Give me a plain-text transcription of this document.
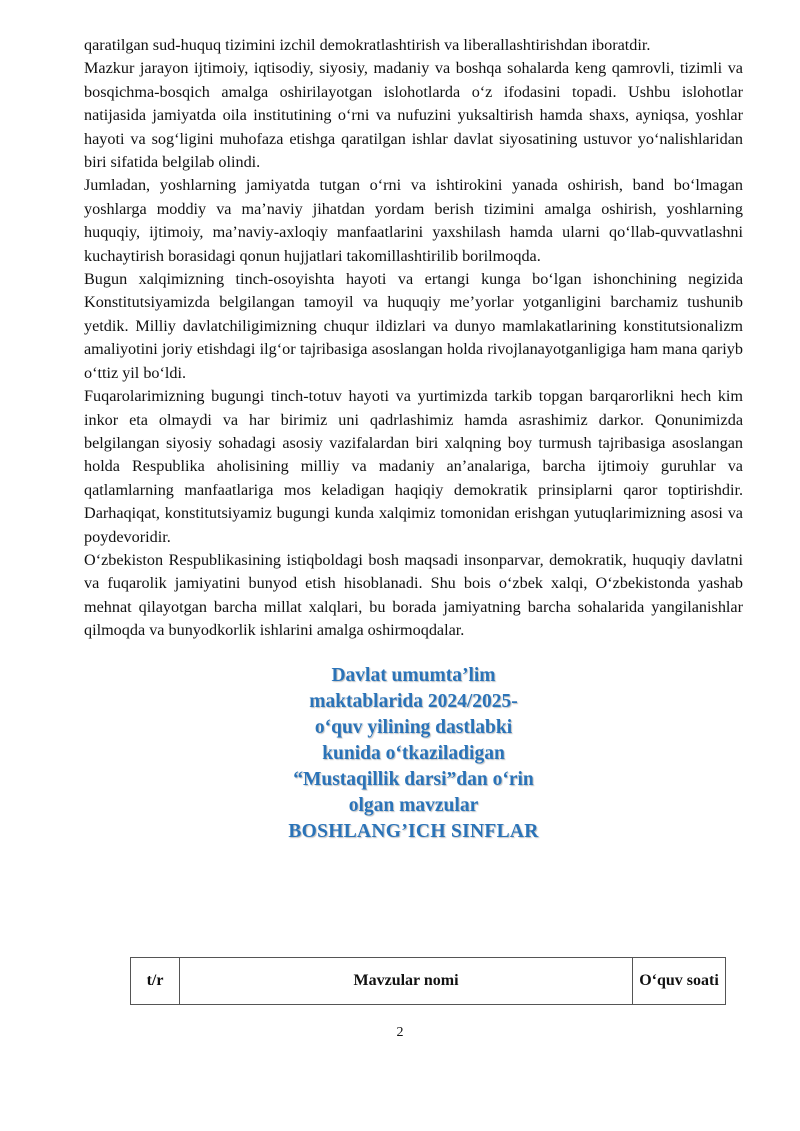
qaratilgan sud-huquq tizimini izchil demokratlashtirish va liberallashtirishdan iboratdir.

Mazkur jarayon ijtimoiy, iqtisodiy, siyosiy, madaniy va boshqa sohalarda keng qamrovli, tizimli va bosqichma-bosqich amalga oshirilayotgan islohotlarda o‘z ifodasini topadi. Ushbu islohotlar natijasida jamiyatda oila institutining o‘rni va nufuzini yuksaltirish hamda shaxs, ayniqsa, yoshlar hayoti va sog‘ligini muhofaza etishga qaratilgan ishlar davlat siyosatining ustuvor yo‘nalishlaridan biri sifatida belgilab olindi.

Jumladan, yoshlarning jamiyatda tutgan o‘rni va ishtirokini yanada oshirish, band bo‘lmagan yoshlarga moddiy va ma’naviy jihatdan yordam berish tizimini amalga oshirish, yoshlarning huquqiy, ijtimoiy, ma’naviy-axloqiy manfaatlarini yaxshilash hamda ularni qo‘llab-quvvatlashni kuchaytirish borasidagi qonun hujjatlari takomillashtirilib borilmoqda.

Bugun xalqimizning tinch-osoyishta hayoti va ertangi kunga bo‘lgan ishonchining negizida Konstitutsiyamizda belgilangan tamoyil va huquqiy me’yorlar yotganligini barchamiz tushunib yetdik. Milliy davlatchiligimizning chuqur ildizlari va dunyo mamlakatlarining konstitutsionalizm amaliyotini joriy etishdagi ilg‘or tajribasiga asoslangan holda rivojlanayotganligiga ham mana qariyb o‘ttiz yil bo‘ldi.

Fuqarolarimizning bugungi tinch-totuv hayoti va yurtimizda tarkib topgan barqarorlikni hech kim inkor eta olmaydi va har birimiz uni qadrlashimiz hamda asrashimiz darkor. Qonunimizda belgilangan siyosiy sohadagi asosiy vazifalardan biri xalqning boy turmush tajribasiga asoslangan holda Respublika aholisining milliy va madaniy an’analariga, barcha ijtimoiy guruhlar va qatlamlarning manfaatlariga mos keladigan haqiqiy demokratik prinsiplarni qaror toptirishdir. Darhaqiqat, konstitutsiyamiz bugungi kunda xalqimiz tomonidan erishgan yutuqlarimizning asosi va poydevoridir.

O‘zbekiston Respublikasining istiqboldagi bosh maqsadi insonparvar, demokratik, huquqiy davlatni va fuqarolik jamiyatini bunyod etish hisoblanadi. Shu bois o‘zbek xalqi, O‘zbekistonda yashab mehnat qilayotgan barcha millat xalqlari, bu borada jamiyatning barcha sohalarida yangilanishlar qilmoqda va bunyodkorlik ishlarini amalga oshirmoqdalar.

Davlat umumta’lim
maktablarida 2024/2025-
o‘quv yilining dastlabki
kunida o‘tkaziladigan
“Mustaqillik darsi”dan o‘rin
olgan mavzular
BOSHLANG’ICH SINFLAR
t/r	Mavzular nomi	O‘quv soati
2
